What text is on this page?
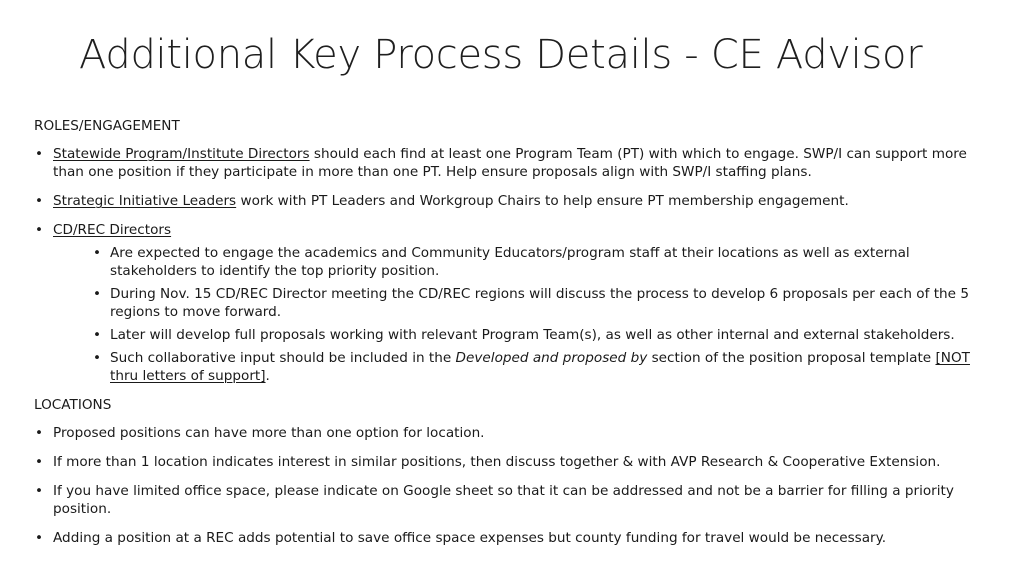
Additional Key Process Details - CE Advisor
ROLES/ENGAGEMENT
• Statewide Program/Institute Directors should each find at least one Program Team (PT) with which to engage. SWP/I can support more than one position if they participate in more than one PT. Help ensure proposals align with SWP/I staffing plans.
• Strategic Initiative Leaders work with PT Leaders and Workgroup Chairs to help ensure PT membership engagement.
• CD/REC Directors
• Are expected to engage the academics and Community Educators/program staff at their locations as well as external stakeholders to identify the top priority position.
• During Nov. 15 CD/REC Director meeting the CD/REC regions will discuss the process to develop 6 proposals per each of the 5 regions to move forward.
• Later will develop full proposals working with relevant Program Team(s), as well as other internal and external stakeholders.
• Such collaborative input should be included in the Developed and proposed by section of the position proposal template [NOT thru letters of support].
LOCATIONS
• Proposed positions can have more than one option for location.
• If more than 1 location indicates interest in similar positions, then discuss together & with AVP Research & Cooperative Extension.
• If you have limited office space, please indicate on Google sheet so that it can be addressed and not be a barrier for filling a priority position.
• Adding a position at a REC adds potential to save office space expenses but county funding for travel would be necessary.
